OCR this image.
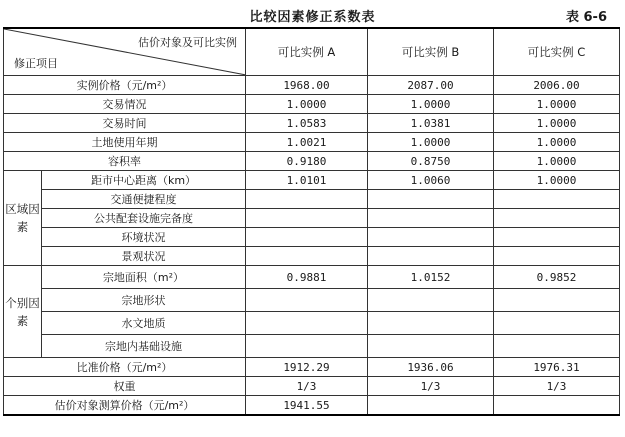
比较因素修正系数表	表 6-6
估价对象及可比实例
修正项目		可比实例 A	可比实例 B	可比实例 C
实例价格（元/m²）		1968.00	2087.00	2006.00
交易情况		1.0000	1.0000	1.0000
交易时间		1.0583	1.0381	1.0000
土地使用年期		1.0021	1.0000	1.0000
容积率		0.9180	0.8750	1.0000
区域因素	距市中心距离（km）	1.0101	1.0060	1.0000
	交通便捷程度			
	公共配套设施完备度			
	环境状况			
	景观状况			
个别因素	宗地面积（m²）	0.9881	1.0152	0.9852
	宗地形状			
	水文地质			
	宗地内基础设施			
比准价格（元/m²）		1912.29	1936.06	1976.31
权重		1/3	1/3	1/3
估价对象测算价格（元/m²）		1941.55		
